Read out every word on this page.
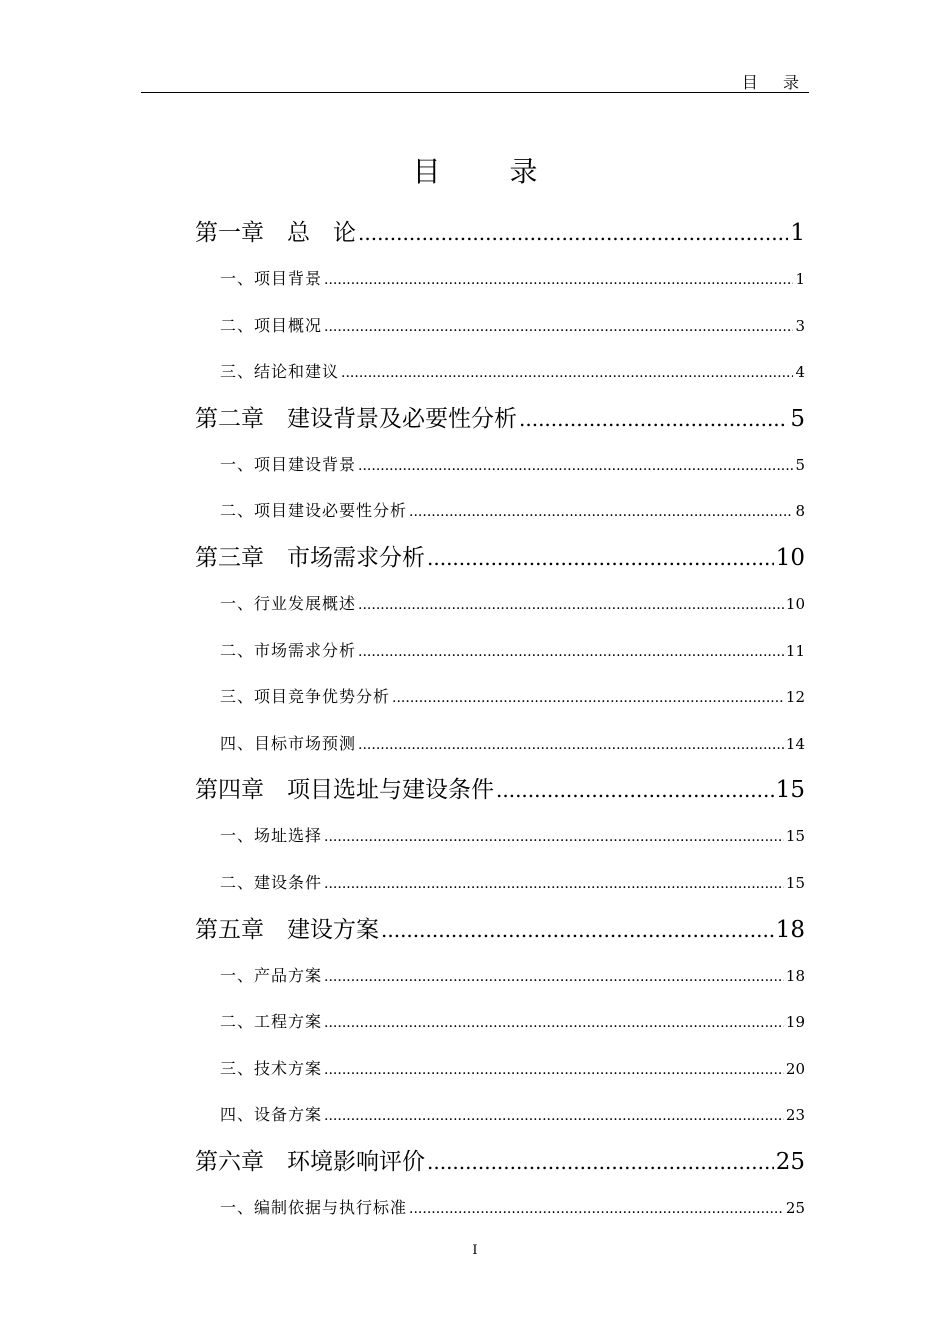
目 录
目 录
第一章　总　论 .....	1
一、项目背景 .....	1
二、项目概况 .....	3
三、结论和建议 .....	4
第二章　建设背景及必要性分析 .....	5
一、项目建设背景 .....	5
二、项目建设必要性分析 .....	8
第三章　市场需求分析 .....	10
一、行业发展概述 .....	10
二、市场需求分析 .....	11
三、项目竞争优势分析 .....	12
四、目标市场预测 .....	14
第四章　项目选址与建设条件 .....	15
一、场址选择 .....	15
二、建设条件 .....	15
第五章　建设方案 .....	18
一、产品方案 .....	18
二、工程方案 .....	19
三、技术方案 .....	20
四、设备方案 .....	23
第六章　环境影响评价 .....	25
一、编制依据与执行标准 .....	25
I
